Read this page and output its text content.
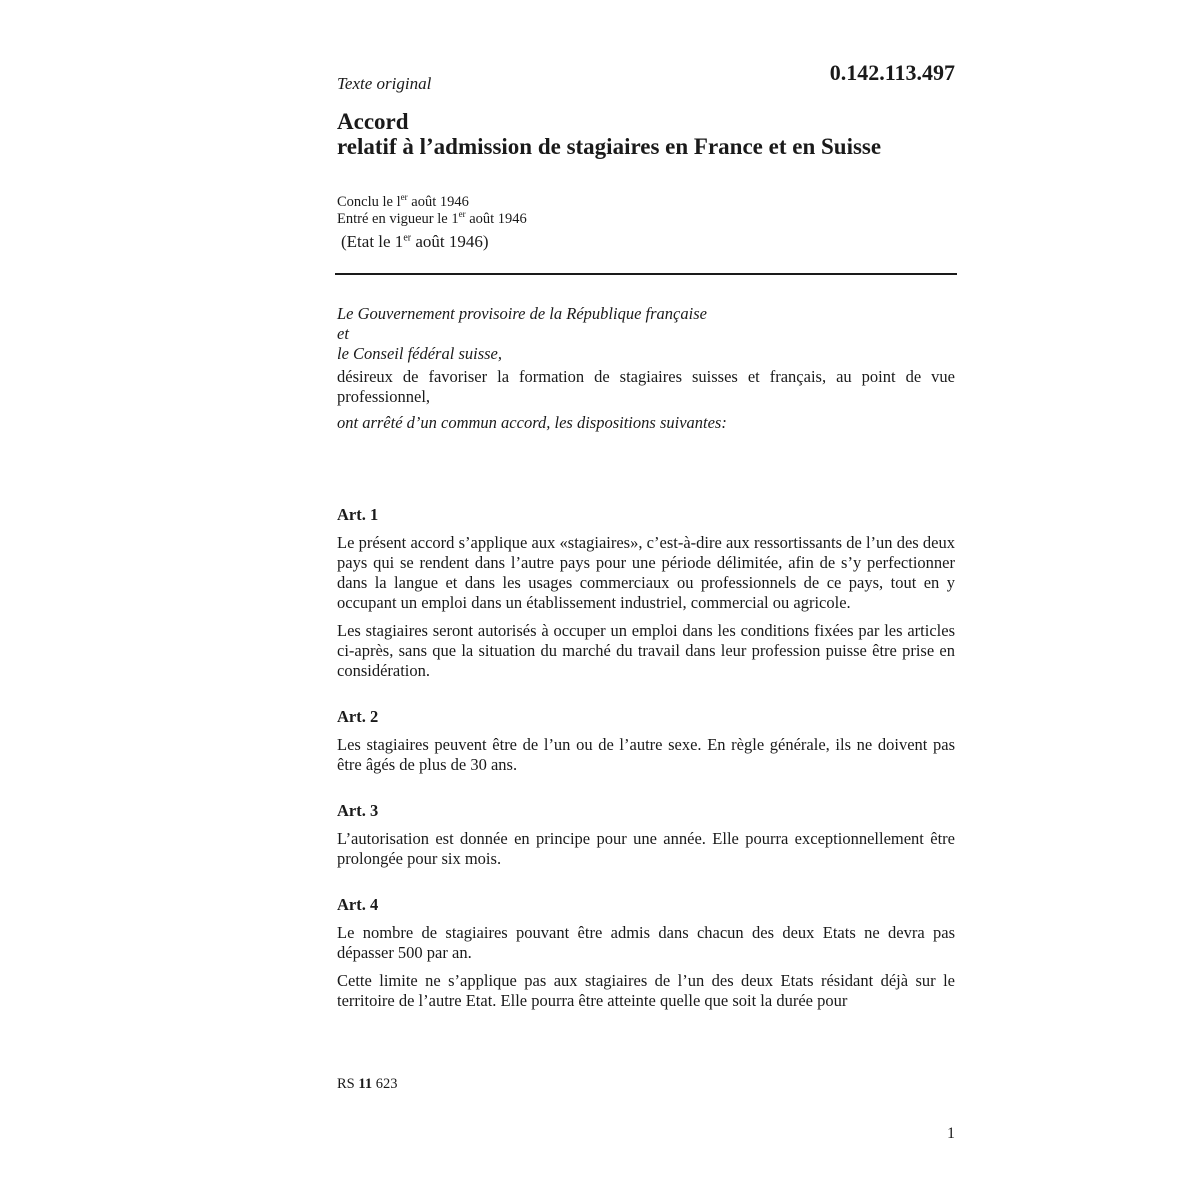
Texte original	0.142.113.497
Accord
relatif à l’admission de stagiaires en France et en Suisse
Conclu le $l^{er}$ août 1946
Entré en vigueur le 1er août 1946
(Etat le 1er août 1946)
Le Gouvernement provisoire de la République française
et
le Conseil fédéral suisse,
désireux de favoriser la formation de stagiaires suisses et français, au point de vue professionnel,
ont arrêté d’un commun accord, les dispositions suivantes:
Art. 1

Le présent accord s’applique aux «stagiaires», c’est-à-dire aux ressortissants de l’un des deux pays qui se rendent dans l’autre pays pour une période délimitée, afin de s’y perfectionner dans la langue et dans les usages commerciaux ou professionnels de ce pays, tout en y occupant un emploi dans un établissement industriel, commercial ou agricole.

Les stagiaires seront autorisés à occuper un emploi dans les conditions fixées par les articles ci-après, sans que la situation du marché du travail dans leur profession puisse être prise en considération.

Art. 2

Les stagiaires peuvent être de l’un ou de l’autre sexe. En règle générale, ils ne doivent pas être âgés de plus de 30 ans.

Art. 3

L’autorisation est donnée en principe pour une année. Elle pourra exceptionnellement être prolongée pour six mois.

Art. 4

Le nombre de stagiaires pouvant être admis dans chacun des deux Etats ne devra pas dépasser 500 par an.

Cette limite ne s’applique pas aux stagiaires de l’un des deux Etats résidant déjà sur le territoire de l’autre Etat. Elle pourra être atteinte quelle que soit la durée pour

RS 11 623
1
